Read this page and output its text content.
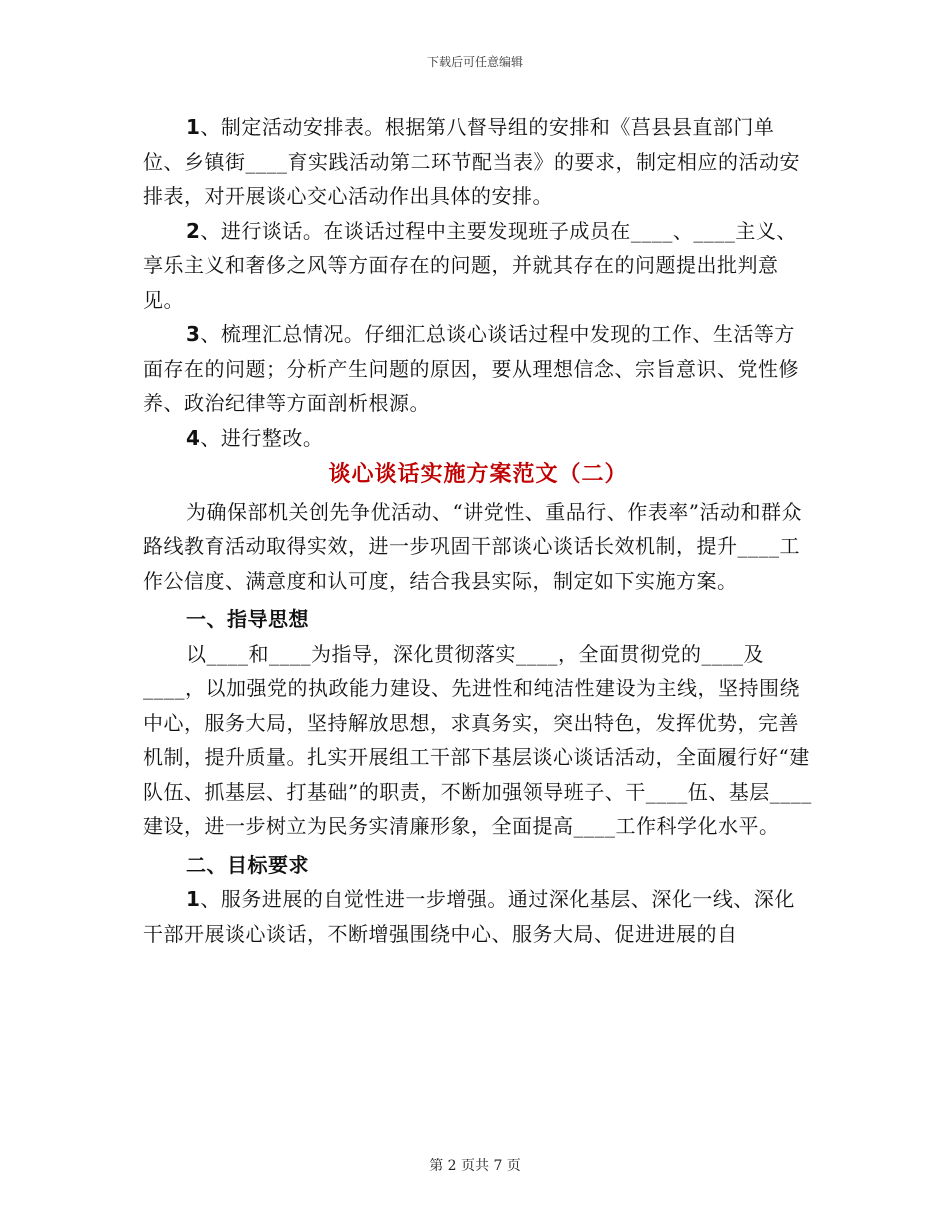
下载后可任意编辑

1、制定活动安排表。根据第八督导组的安排和《莒县县直部门单位、乡镇街____育实践活动第二环节配当表》的要求，制定相应的活动安排表，对开展谈心交心活动作出具体的安排。

2、进行谈话。在谈话过程中主要发现班子成员在____、____主义、享乐主义和奢侈之风等方面存在的问题，并就其存在的问题提出批判意见。

3、梳理汇总情况。仔细汇总谈心谈话过程中发现的工作、生活等方面存在的问题；分析产生问题的原因，要从理想信念、宗旨意识、党性修养、政治纪律等方面剖析根源。

4、进行整改。

谈心谈话实施方案范文（二）

为确保部机关创先争优活动、“讲党性、重品行、作表率”活动和群众路线教育活动取得实效，进一步巩固干部谈心谈话长效机制，提升____工作公信度、满意度和认可度，结合我县实际，制定如下实施方案。

一、指导思想

以____和____为指导，深化贯彻落实____，全面贯彻党的____及____，以加强党的执政能力建设、先进性和纯洁性建设为主线，坚持围绕中心，服务大局，坚持解放思想，求真务实，突出特色，发挥优势，完善机制，提升质量。扎实开展组工干部下基层谈心谈话活动，全面履行好“建队伍、抓基层、打基础”的职责，不断加强领导班子、干____伍、基层____建设，进一步树立为民务实清廉形象，全面提高____工作科学化水平。

二、目标要求

1、服务进展的自觉性进一步增强。通过深化基层、深化一线、深化干部开展谈心谈话，不断增强围绕中心、服务大局、促进进展的自

第 2 页共 7 页
